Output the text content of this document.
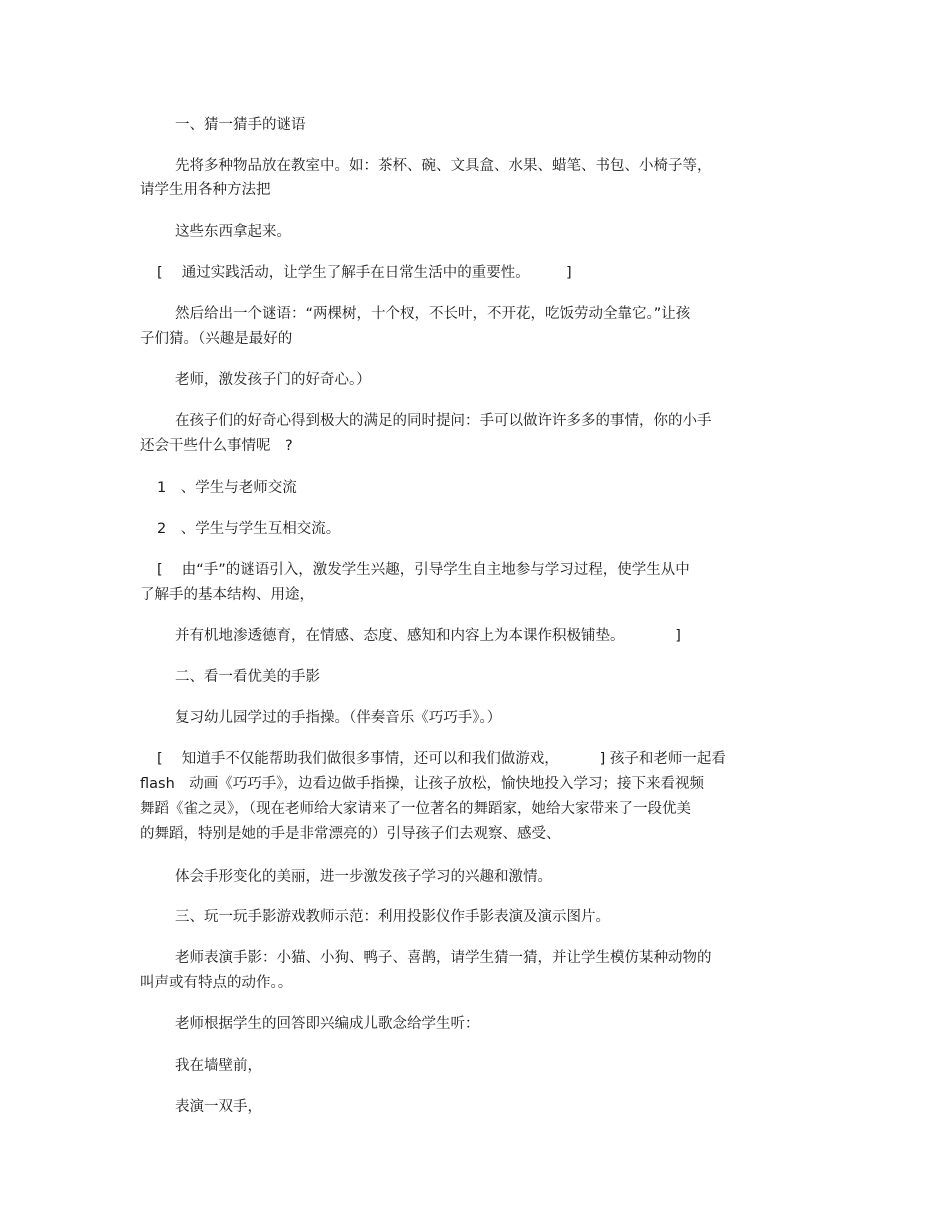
一、猜一猜手的谜语
先将多种物品放在教室中。如：茶杯、碗、文具盒、水果、蜡笔、书包、小椅子等，
请学生用各种方法把
这些东西拿起来。
[　 通过实践活动，让学生了解手在日常生活中的重要性。　　　]
然后给出一个谜语：“两棵树，十个杈，不长叶，不开花，吃饭劳动全靠它。”让孩
子们猜。（兴趣是最好的
老师，激发孩子门的好奇心。）
在孩子们的好奇心得到极大的满足的同时提问：手可以做许许多多的事情，你的小手
还会干些什么事情呢　?
1　、学生与老师交流
2　、学生与学生互相交流。
[　 由“手”的谜语引入，激发学生兴趣，引导学生自主地参与学习过程，使学生从中
了解手的基本结构、用途，
并有机地渗透德育，在情感、态度、感知和内容上为本课作积极铺垫。　　　　]
二、看一看优美的手影
复习幼儿园学过的手指操。（伴奏音乐《巧巧手》。）
[　 知道手不仅能帮助我们做很多事情，还可以和我们做游戏，　　　 ] 孩子和老师一起看
flash　动画《巧巧手》，边看边做手指操，让孩子放松，愉快地投入学习；接下来看视频
舞蹈《雀之灵》，（现在老师给大家请来了一位著名的舞蹈家，她给大家带来了一段优美
的舞蹈，特别是她的手是非常漂亮的）引导孩子们去观察、感受、
体会手形变化的美丽，进一步激发孩子学习的兴趣和激情。
三、玩一玩手影游戏教师示范：利用投影仪作手影表演及演示图片。
老师表演手影：小猫、小狗、鸭子、喜鹊，请学生猜一猜，并让学生模仿某种动物的
叫声或有特点的动作。。
老师根据学生的回答即兴编成儿歌念给学生听：
我在墙壁前，
表演一双手，
